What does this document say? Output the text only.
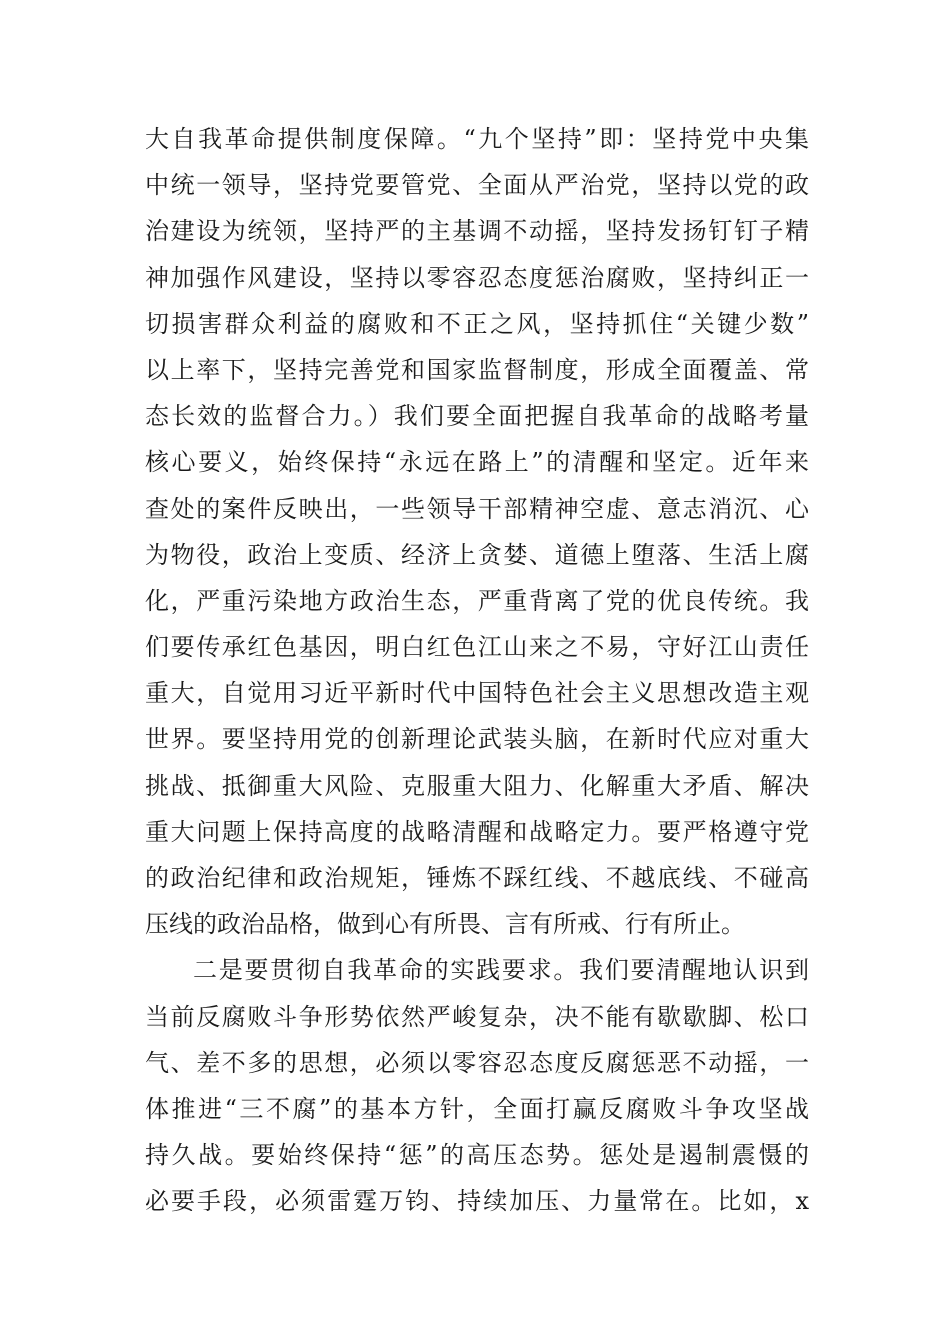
大自我革命提供制度保障。“九个坚持”即：坚持党中央集
中统一领导，坚持党要管党、全面从严治党，坚持以党的政
治建设为统领，坚持严的主基调不动摇，坚持发扬钉钉子精
神加强作风建设，坚持以零容忍态度惩治腐败，坚持纠正一
切损害群众利益的腐败和不正之风，坚持抓住“关键少数”
以上率下，坚持完善党和国家监督制度，形成全面覆盖、常
态长效的监督合力。）我们要全面把握自我革命的战略考量
核心要义，始终保持“永远在路上”的清醒和坚定。近年来
查处的案件反映出，一些领导干部精神空虚、意志消沉、心
为物役，政治上变质、经济上贪婪、道德上堕落、生活上腐
化，严重污染地方政治生态，严重背离了党的优良传统。我
们要传承红色基因，明白红色江山来之不易，守好江山责任
重大，自觉用习近平新时代中国特色社会主义思想改造主观
世界。要坚持用党的创新理论武装头脑，在新时代应对重大
挑战、抵御重大风险、克服重大阻力、化解重大矛盾、解决
重大问题上保持高度的战略清醒和战略定力。要严格遵守党
的政治纪律和政治规矩，锤炼不踩红线、不越底线、不碰高
压线的政治品格，做到心有所畏、言有所戒、行有所止。
二是要贯彻自我革命的实践要求。我们要清醒地认识到
当前反腐败斗争形势依然严峻复杂，决不能有歇歇脚、松口
气、差不多的思想，必须以零容忍态度反腐惩恶不动摇，一
体推进“三不腐”的基本方针，全面打赢反腐败斗争攻坚战
持久战。要始终保持“惩”的高压态势。惩处是遏制震慑的
必要手段，必须雷霆万钧、持续加压、力量常在。比如，x
